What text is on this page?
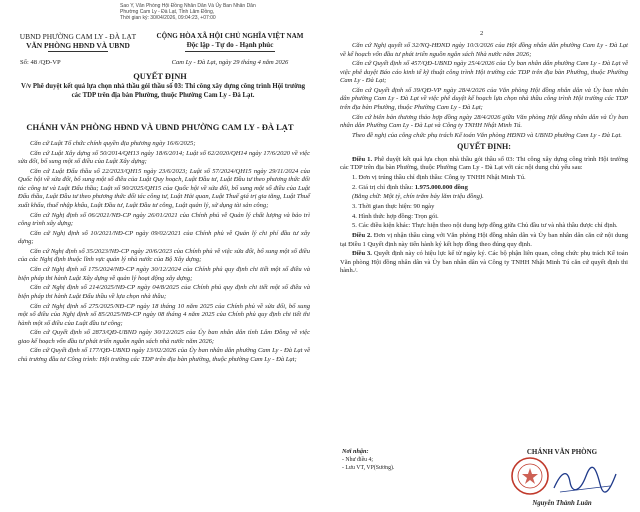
Sao Y, Văn Phòng Hội Đồng Nhân Dân Và Ủy Ban Nhân Dân
Phường Cam Ly - Đà Lạt, Tỉnh Lâm Đồng,
Thời gian ký: 30/04/2026, 09:04:23, +07:00
UBND PHƯỜNG CAM LY - ĐÀ LẠT
VĂN PHÒNG HĐND VÀ UBND
Số: 48 /QĐ-VP
CỘNG HÒA XÃ HỘI CHỦ NGHĨA VIỆT NAM
Độc lập - Tự do - Hạnh phúc
Cam Ly - Đà Lạt, ngày 29 tháng 4 năm 2026
QUYẾT ĐỊNH
V/v Phê duyệt kết quả lựa chọn nhà thầu gói thầu số 03: Thi công xây dựng công trình Hội trường các TDP trên địa bàn Phường, thuộc Phường Cam Ly - Đà Lạt.
CHÁNH VĂN PHÒNG HĐND VÀ UBND PHƯỜNG CAM LY - ĐÀ LẠT

Căn cứ Luật Tổ chức chính quyền địa phương ngày 16/6/2025;

Căn cứ Luật Xây dựng số 50/2014/QH13 ngày 18/6/2014; Luật số 62/2020/QH14 ngày 17/6/2020 về việc sửa đổi, bổ sung một số điều của Luật Xây dựng;

Căn cứ Luật Đấu thầu số 22/2023/QH15 ngày 23/6/2023; Luật số 57/2024/QH15 ngày 29/11/2024 của Quốc hội về sửa đổi, bổ sung một số điều của Luật Quy hoạch, Luật Đầu tư, Luật Đầu tư theo phương thức đối tác công tư và Luật Đấu thầu; Luật số 90/2025/QH15 của Quốc hội về sửa đổi, bổ sung một số điều của Luật Đấu thầu, Luật Đầu tư theo phương thức đối tác công tư, Luật Hải quan, Luật Thuế giá trị gia tăng, Luật Thuế xuất khẩu, thuế nhập khẩu, Luật Đầu tư, Luật Đầu tư công, Luật quản lý, sử dụng tài sản công;

Căn cứ Nghị định số 06/2021/NĐ-CP ngày 26/01/2021 của Chính phủ về Quản lý chất lượng và bảo trì công trình xây dựng;

Căn cứ Nghị định số 10/2021/NĐ-CP ngày 09/02/2021 của Chính phủ về Quản lý chi phí đầu tư xây dựng;

Căn cứ Nghị định số 35/2023/NĐ-CP ngày 20/6/2023 của Chính phủ về việc sửa đổi, bổ sung một số điều của các Nghị định thuộc lĩnh vực quản lý nhà nước của Bộ Xây dựng;

Căn cứ Nghị định số 175/2024/NĐ-CP ngày 30/12/2024 của Chính phủ quy định chi tiết một số điều và biện pháp thi hành Luật Xây dựng về quản lý hoạt động xây dựng;

Căn cứ Nghị định số 214/2025/NĐ-CP ngày 04/8/2025 của Chính phủ quy định chi tiết một số điều và biện pháp thi hành Luật Đấu thầu về lựa chọn nhà thầu;

Căn cứ Nghị định số 275/2025/NĐ-CP ngày 18 tháng 10 năm 2025 của Chính phủ về sửa đổi, bổ sung một số điều của Nghị định số 85/2025/NĐ-CP ngày 08 tháng 4 năm 2025 của Chính phủ quy định chi tiết thi hành một số điều của Luật đầu tư công;

Căn cứ Quyết định số 2873/QĐ-UBND ngày 30/12/2025 của Ủy ban nhân dân tỉnh Lâm Đồng về việc giao kế hoạch vốn đầu tư phát triển nguồn ngân sách nhà nước năm 2026;

Căn cứ Quyết định số 177/QĐ-UBND ngày 13/02/2026 của Ủy ban nhân dân phường Cam Ly - Đà Lạt về chủ trương đầu tư Công trình: Hội trường các TDP trên địa bàn phường, thuộc phường Cam Ly - Đà Lạt;

2

Căn cứ Nghị quyết số 32/NQ-HĐND ngày 10/3/2026 của Hội đồng nhân dân phường Cam Ly - Đà Lạt về kế hoạch vốn đầu tư phát triển nguồn ngân sách Nhà nước năm 2026;

Căn cứ Quyết định số 457/QĐ-UBND ngày 25/4/2026 của Ủy ban nhân dân phường Cam Ly - Đà Lạt về việc phê duyệt Báo cáo kinh tế kỹ thuật công trình Hội trường các TDP trên địa bàn Phường, thuộc Phường Cam Ly - Đà Lạt;

Căn cứ Quyết định số 39/QĐ-VP ngày 28/4/2026 của Văn phòng Hội đồng nhân dân và Ủy ban nhân dân phường Cam Ly - Đà Lạt về việc phê duyệt kế hoạch lựa chọn nhà thầu công trình Hội trường các TDP trên địa bàn Phường, thuộc Phường Cam Ly - Đà Lạt;

Căn cứ biên bản thương thảo hợp đồng ngày 28/4/2026 giữa Văn phòng Hội đồng nhân dân và Ủy ban nhân dân Phường Cam Ly - Đà Lạt và Công ty TNHH Nhật Minh Tú.

Theo đề nghị của công chức phụ trách Kế toán Văn phòng HĐND và UBND phường Cam Ly - Đà Lạt.

QUYẾT ĐỊNH:

Điều 1. Phê duyệt kết quả lựa chọn nhà thầu gói thầu số 03: Thi công xây dựng công trình Hội trường các TDP trên địa bàn Phường, thuộc Phường Cam Ly - Đà Lạt với các nội dung chủ yếu sau:

1. Đơn vị trúng thầu chỉ định thầu: Công ty TNHH Nhật Minh Tú.

2. Giá trị chỉ định thầu: 1.975.000.000 đồng

(Bằng chữ: Một tỷ, chín trăm bảy lăm triệu đồng).

3. Thời gian thực hiện: 90 ngày

4. Hình thức hợp đồng: Trọn gói.

5. Các điều kiện khác: Thực hiện theo nội dung hợp đồng giữa Chủ đầu tư và nhà thầu được chỉ định.

Điều 2. Đơn vị nhận thầu cùng với Văn phòng Hội đồng nhân dân và Ủy ban nhân dân căn cứ nội dung tại Điều 1 Quyết định này tiến hành ký kết hợp đồng theo đúng quy định.

Điều 3. Quyết định này có hiệu lực kể từ ngày ký. Các bộ phận liên quan, công chức phụ trách Kế toán Văn phòng Hội đồng nhân dân và Ủy ban nhân dân và Công ty TNHH Nhật Minh Tú căn cứ quyết định thi hành./.

Nơi nhận:
- Như điều 4;
- Lưu VT, VP(Sương).
CHÁNH VĂN PHÒNG
Nguyễn Thành Luân
